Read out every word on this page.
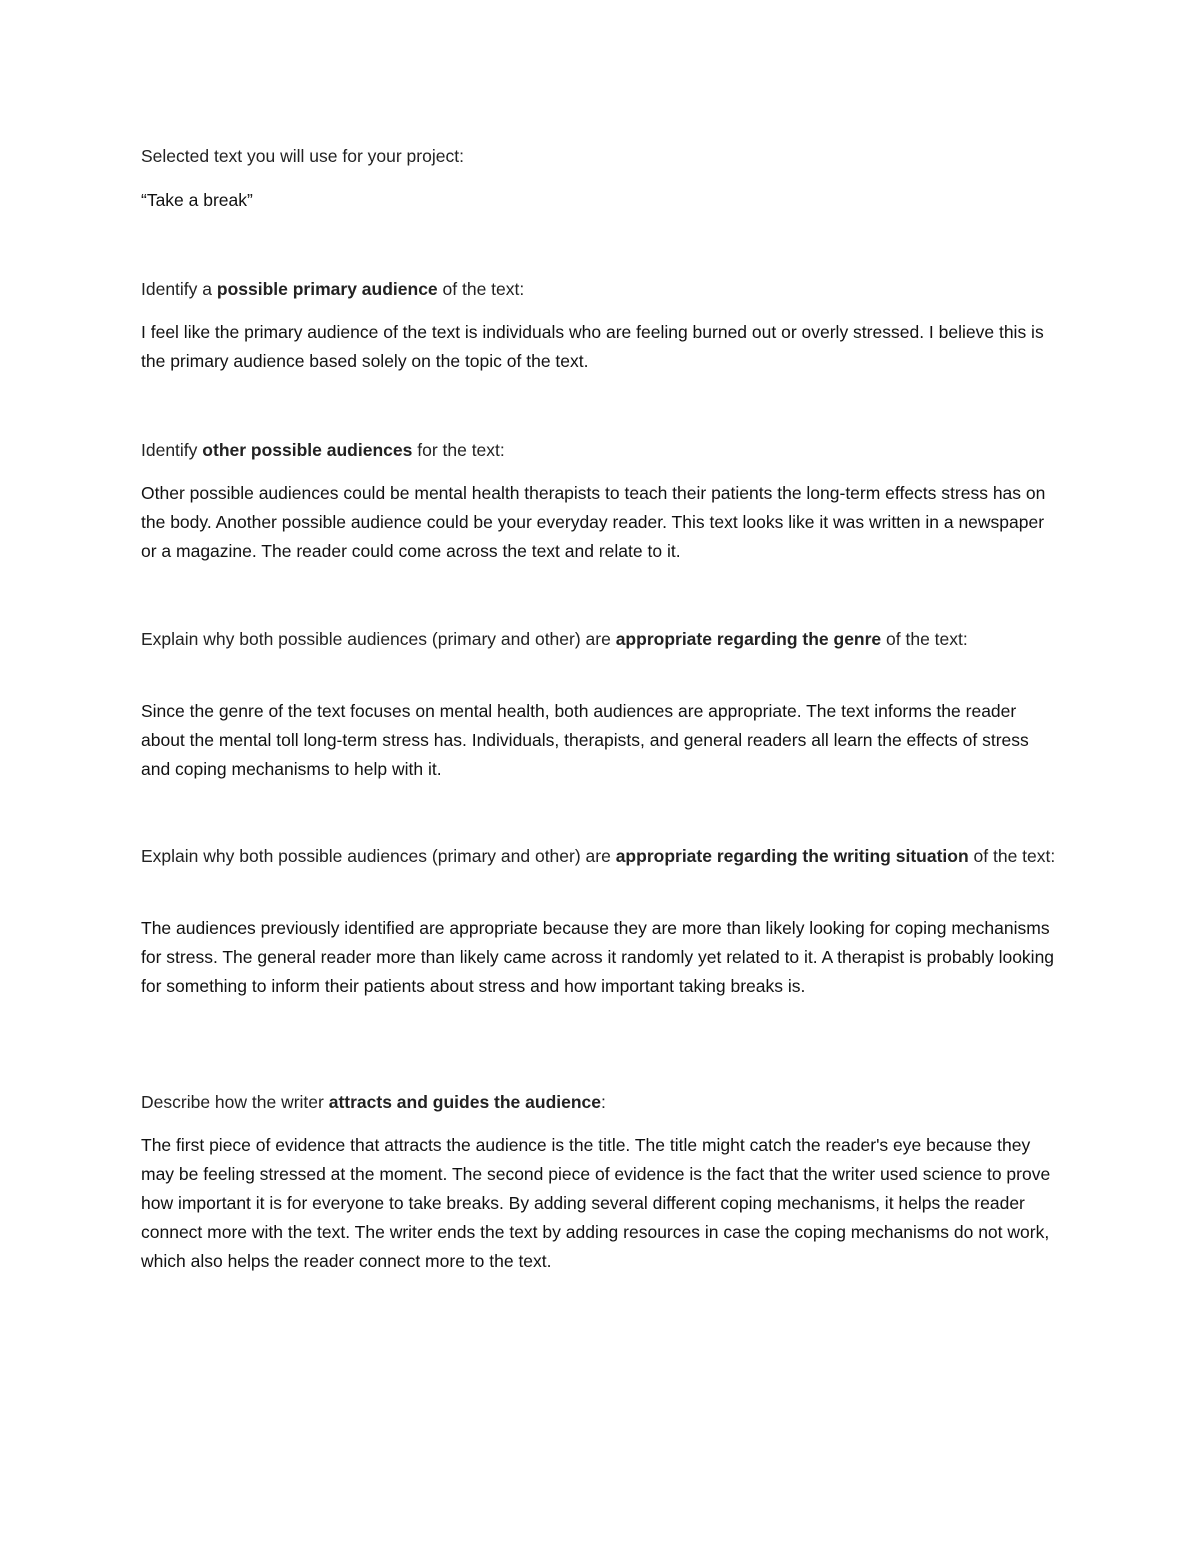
Selected text you will use for your project:

“Take a break”

Identify a possible primary audience of the text:

I feel like the primary audience of the text is individuals who are feeling burned out or overly stressed. I believe this is the primary audience based solely on the topic of the text.

Identify other possible audiences for the text:

Other possible audiences could be mental health therapists to teach their patients the long-term effects stress has on the body. Another possible audience could be your everyday reader. This text looks like it was written in a newspaper or a magazine. The reader could come across the text and relate to it.

Explain why both possible audiences (primary and other) are appropriate regarding the genre of the text:

Since the genre of the text focuses on mental health, both audiences are appropriate. The text informs the reader about the mental toll long-term stress has. Individuals, therapists, and general readers all learn the effects of stress and coping mechanisms to help with it.

Explain why both possible audiences (primary and other) are appropriate regarding the writing situation of the text:

The audiences previously identified are appropriate because they are more than likely looking for coping mechanisms for stress. The general reader more than likely came across it randomly yet related to it. A therapist is probably looking for something to inform their patients about stress and how important taking breaks is.

Describe how the writer attracts and guides the audience:

The first piece of evidence that attracts the audience is the title. The title might catch the reader's eye because they may be feeling stressed at the moment. The second piece of evidence is the fact that the writer used science to prove how important it is for everyone to take breaks. By adding several different coping mechanisms, it helps the reader connect more with the text. The writer ends the text by adding resources in case the coping mechanisms do not work, which also helps the reader connect more to the text.
